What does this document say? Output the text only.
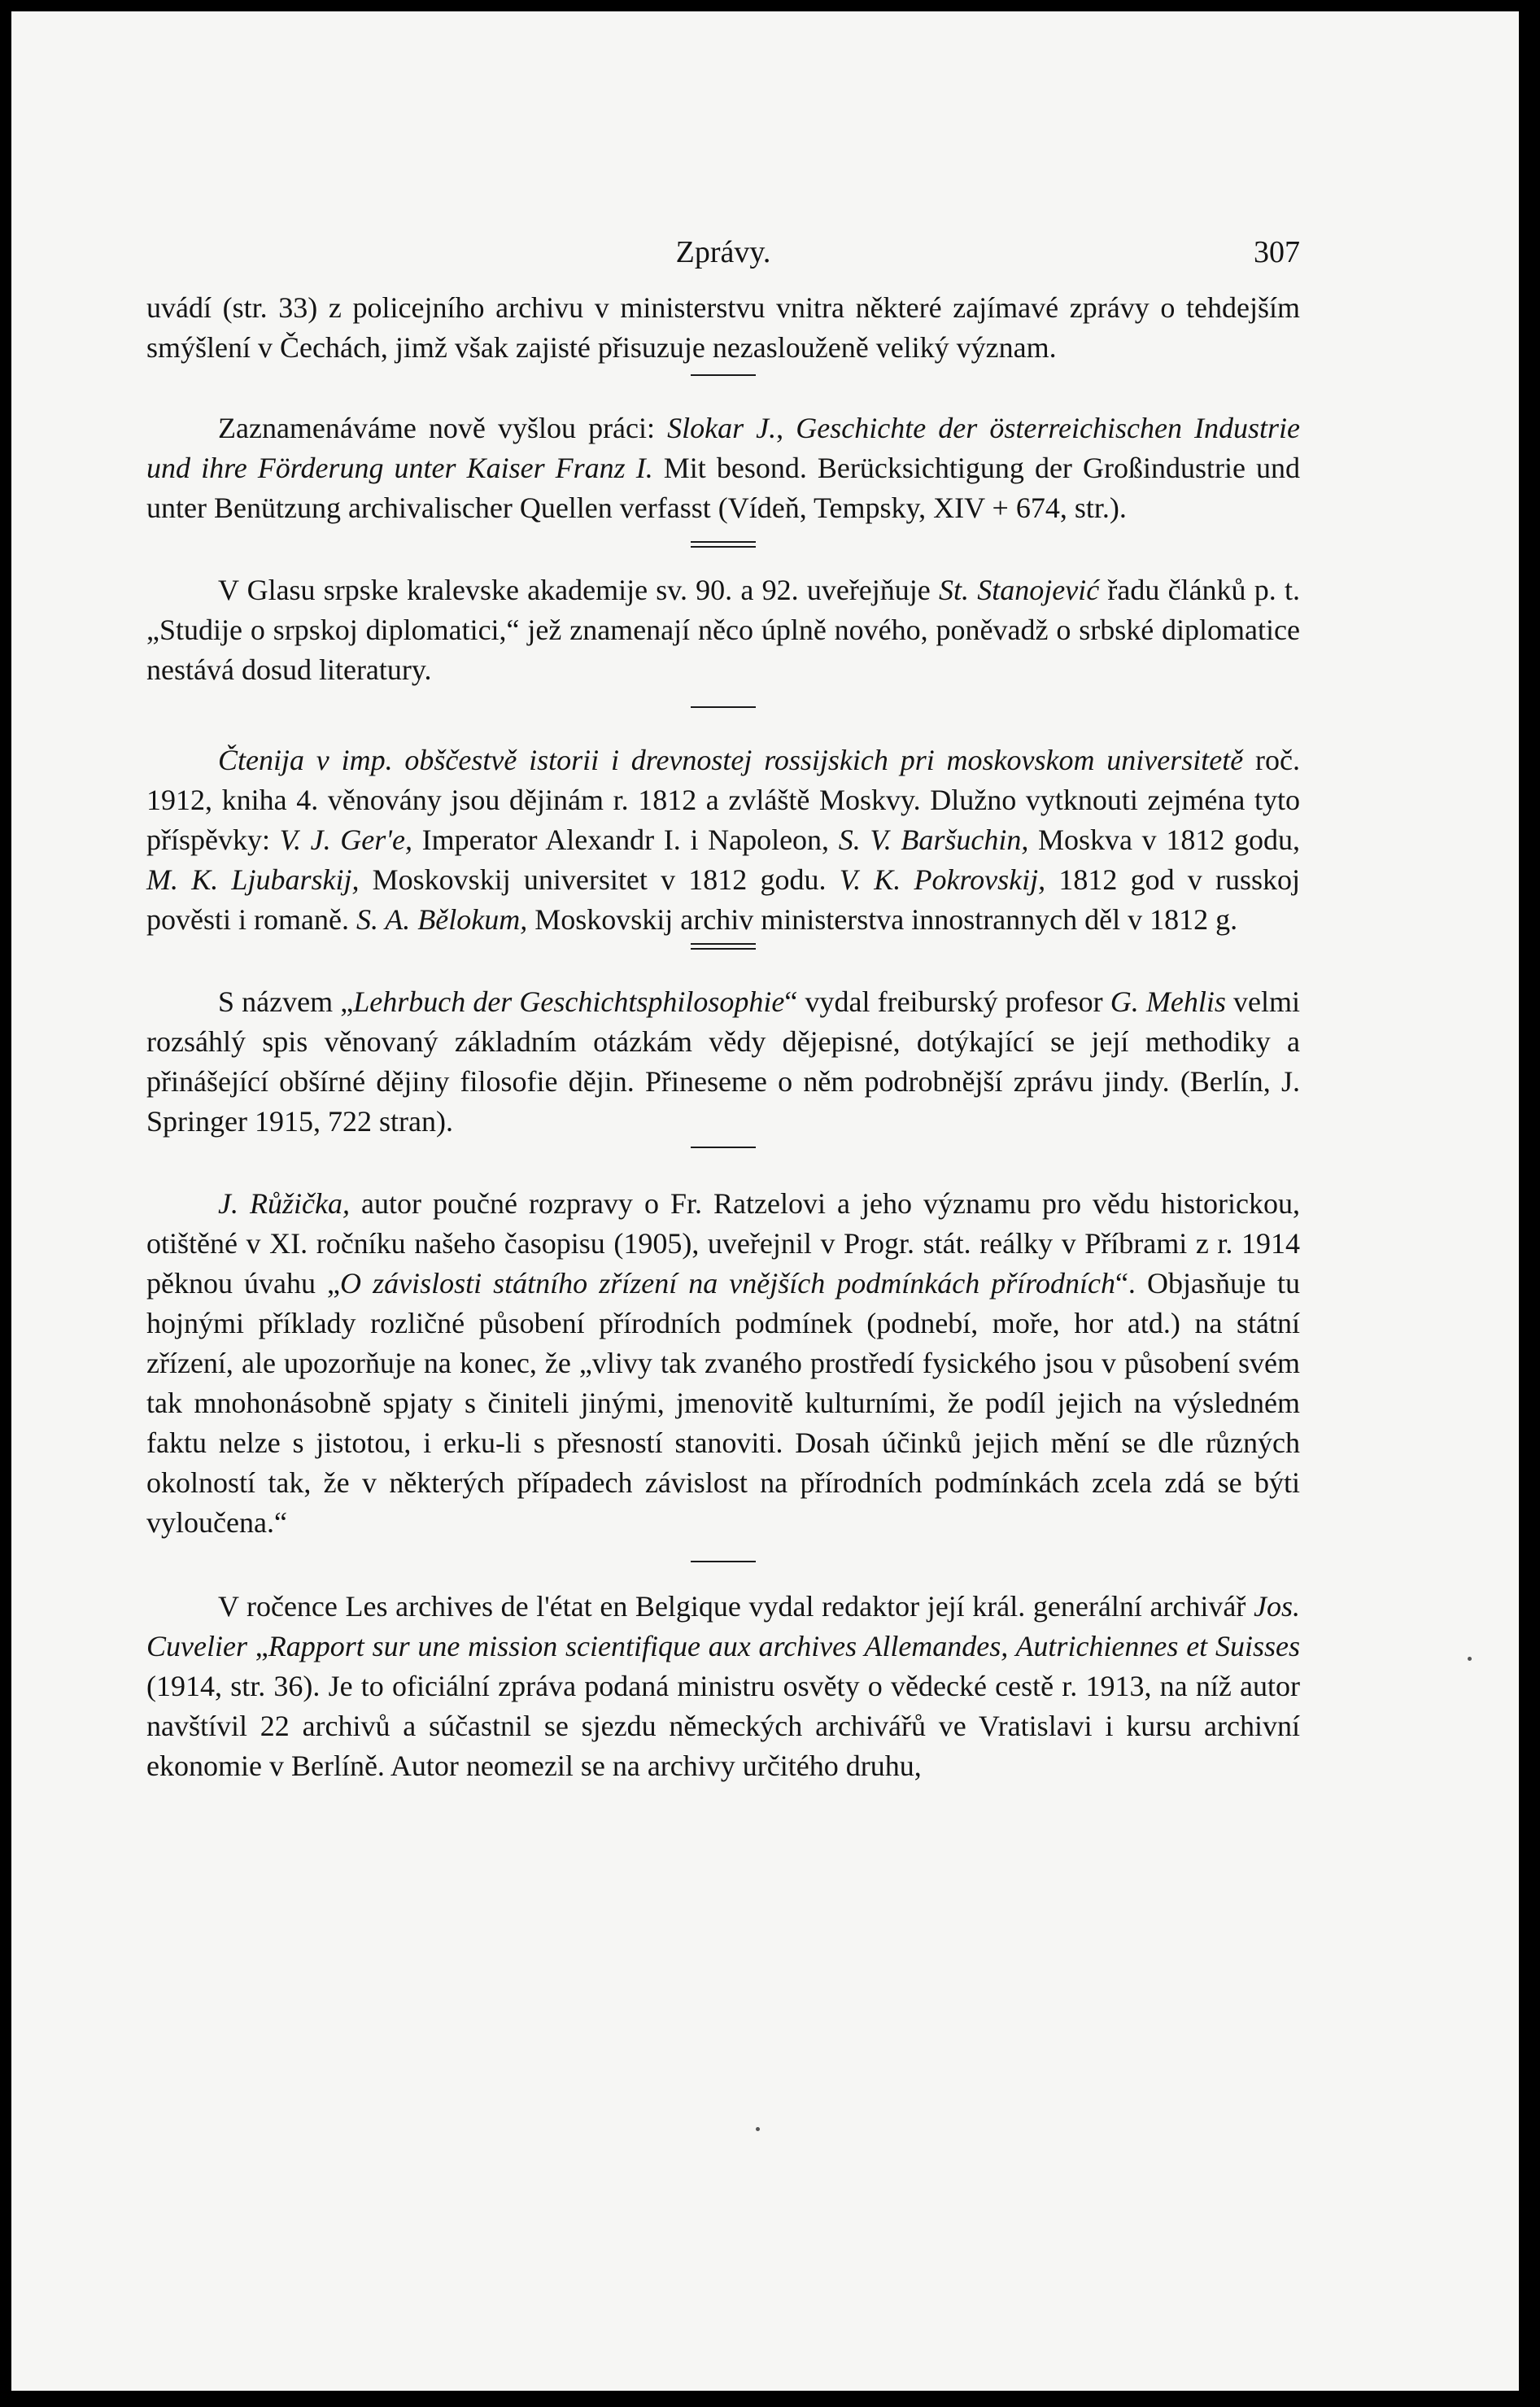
Zprávy.	307

uvádí (str. 33) z policejního archivu v ministerstvu vnitra některé zajímavé zprávy o tehdejším smýšlení v Čechách, jimž však zajisté přisuzuje nezaslouženě veliký význam.

Zaznamenáváme nově vyšlou práci: Slokar J., Geschichte der österreichischen Industrie und ihre Förderung unter Kaiser Franz I. Mit besond. Berücksichtigung der Großindustrie und unter Benützung archivalischer Quellen verfasst (Vídeň, Tempsky, XIV + 674, str.).

V Glasu srpske kralevske akademije sv. 90. a 92. uveřejňuje St. Stanojević řadu článků p. t. „Studije o srpskoj diplomatici,“ jež znamenají něco úplně nového, poněvadž o srbské diplomatice nestává dosud literatury.

Čtenija v imp. obščestvě istorii i drevnostej rossijskich pri moskovskom universitetě roč. 1912, kniha 4. věnovány jsou dějinám r. 1812 a zvláště Moskvy. Dlužno vytknouti zejména tyto příspěvky: V. J. Ger'e, Imperator Alexandr I. i Napoleon, S. V. Baršuchin, Moskva v 1812 godu, M. K. Ljubarskij, Moskovskij universitet v 1812 godu. V. K. Pokrovskij, 1812 god v russkoj pověsti i romaně. S. A. Bělokum, Moskovskij archiv ministerstva innostrannych děl v 1812 g.

S názvem „Lehrbuch der Geschichtsphilosophie“ vydal freiburský profesor G. Mehlis velmi rozsáhlý spis věnovaný základním otázkám vědy dějepisné, dotýkající se její methodiky a přinášející obšírné dějiny filosofie dějin. Přineseme o něm podrobnější zprávu jindy. (Berlín, J. Springer 1915, 722 stran).

J. Růžička, autor poučné rozpravy o Fr. Ratzelovi a jeho významu pro vědu historickou, otištěné v XI. ročníku našeho časopisu (1905), uveřejnil v Progr. stát. reálky v Příbrami z r. 1914 pěknou úvahu „O závislosti státního zřízení na vnějších podmínkách přírodních“. Objasňuje tu hojnými příklady rozličné působení přírodních podmínek (podnebí, moře, hor atd.) na státní zřízení, ale upozorňuje na konec, že „vlivy tak zvaného prostředí fysického jsou v působení svém tak mnohonásobně spjaty s činiteli jinými, jmenovitě kulturními, že podíl jejich na výsledném faktu nelze s jistotou, i erku-li s přesností stanoviti. Dosah účinků jejich mění se dle různých okolností tak, že v některých případech závislost na přírodních podmínkách zcela zdá se býti vyloučena.“

V ročence Les archives de l'état en Belgique vydal redaktor její král. generální archivář Jos. Cuvelier „Rapport sur une mission scientifique aux archives Allemandes, Autrichiennes et Suisses (1914, str. 36). Je to oficiální zpráva podaná ministru osvěty o vědecké cestě r. 1913, na níž autor navštívil 22 archivů a súčastnil se sjezdu německých archivářů ve Vratislavi i kursu archivní ekonomie v Berlíně. Autor neomezil se na archivy určitého druhu,
